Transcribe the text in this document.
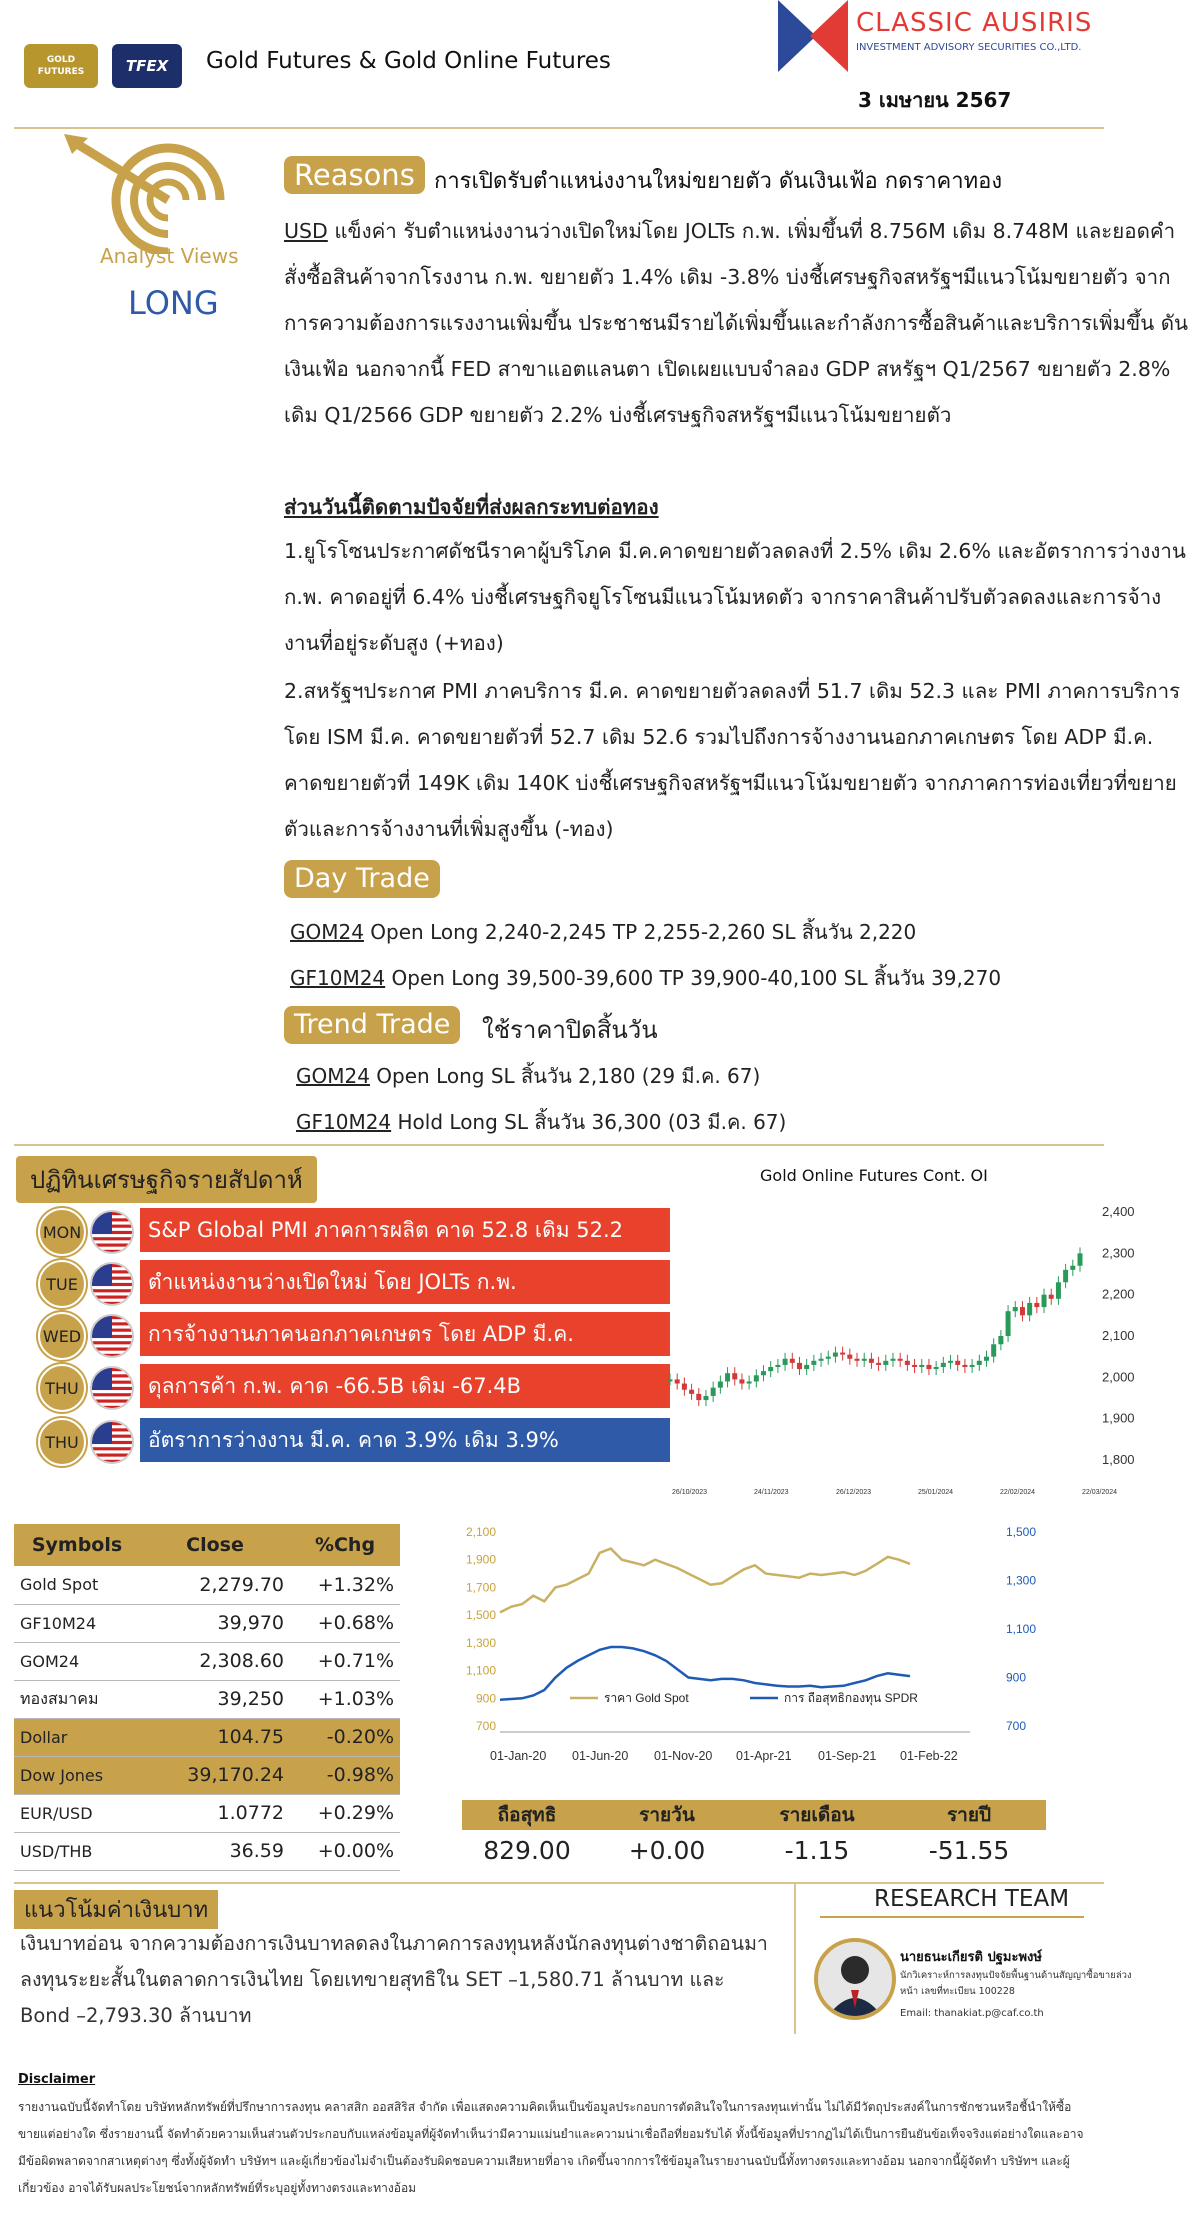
GOLD FUTURES	TFEX Gold Futures & Gold Online Futures
CLASSIC AUSIRIS
INVESTMENT ADVISORY SECURITIES CO.,LTD.
3 เมษายน 2567
Analyst Views
LONG
Reasons การเปิดรับตำแหน่งงานใหม่ขยายตัว ดันเงินเฟ้อ กดราคาทอง
USD แข็งค่า รับตำแหน่งงานว่างเปิดใหม่โดย JOLTs ก.พ. เพิ่มขึ้นที่ 8.756M เดิม 8.748M และยอดคำสั่งซื้อสินค้าจากโรงงาน ก.พ. ขยายตัว 1.4% เดิม -3.8% บ่งชี้เศรษฐกิจสหรัฐฯมีแนวโน้มขยายตัว จากการความต้องการแรงงานเพิ่มขึ้น ประชาชนมีรายได้เพิ่มขึ้นและกำลังการซื้อสินค้าและบริการเพิ่มขึ้น ดันเงินเฟ้อ นอกจากนี้ FED สาขาแอตแลนตา เปิดเผยแบบจำลอง GDP สหรัฐฯ Q1/2567 ขยายตัว 2.8% เดิม Q1/2566 GDP ขยายตัว 2.2% บ่งชี้เศรษฐกิจสหรัฐฯมีแนวโน้มขยายตัว
ส่วนวันนี้ติดตามปัจจัยที่ส่งผลกระทบต่อทอง
1.ยูโรโซนประกาศดัชนีราคาผู้บริโภค มี.ค.คาดขยายตัวลดลงที่ 2.5% เดิม 2.6% และอัตราการว่างงาน ก.พ. คาดอยู่ที่ 6.4% บ่งชี้เศรษฐกิจยูโรโซนมีแนวโน้มหดตัว จากราคาสินค้าปรับตัวลดลงและการจ้างงานที่อยู่ระดับสูง (+ทอง)
2.สหรัฐฯประกาศ PMI ภาคบริการ มี.ค. คาดขยายตัวลดลงที่ 51.7 เดิม 52.3 และ PMI ภาคการบริการ โดย ISM มี.ค. คาดขยายตัวที่ 52.7 เดิม 52.6 รวมไปถึงการจ้างงานนอกภาคเกษตร โดย ADP มี.ค. คาดขยายตัวที่ 149K เดิม 140K บ่งชี้เศรษฐกิจสหรัฐฯมีแนวโน้มขยายตัว จากภาคการท่องเที่ยวที่ขยายตัวและการจ้างงานที่เพิ่มสูงขึ้น (-ทอง)
Day Trade
GOM24 Open Long 2,240-2,245 TP 2,255-2,260 SL สิ้นวัน 2,220
GF10M24 Open Long 39,500-39,600 TP 39,900-40,100 SL สิ้นวัน 39,270
Trend Trade	ใช้ราคาปิดสิ้นวัน
GOM24 Open Long SL สิ้นวัน 2,180 (29 มี.ค. 67)
GF10M24 Hold Long SL สิ้นวัน 36,300 (03 มี.ค. 67)
ปฏิทินเศรษฐกิจรายสัปดาห์
MON	S&P Global PMI ภาคการผลิต คาด 52.8 เดิม 52.2
TUE	ตำแหน่งงานว่างเปิดใหม่ โดย JOLTs ก.พ.
WED	การจ้างงานภาคนอกภาคเกษตร โดย ADP มี.ค.
THU	ดุลการค้า ก.พ. คาด -66.5B เดิม -67.4B
THU	อัตราการว่างงาน มี.ค. คาด 3.9% เดิม 3.9%
Gold Online Futures Cont. OI
2,400
2,300
2,200
2,100
2,000
1,900
1,800
26/10/2023	24/11/2023	26/12/2023	25/01/2024	22/02/2024	22/03/2024
Symbols	Close	%Chg
Gold Spot	2,279.70	+1.32%
GF10M24	39,970	+0.68%
GOM24	2,308.60	+0.71%
ทองสมาคม	39,250	+1.03%
Dollar	104.75	-0.20%
Dow Jones	39,170.24	-0.98%
EUR/USD	1.0772	+0.29%
USD/THB	36.59	+0.00%
2,100
1,900
1,700
1,500
1,300
1,100
900
700
1,500
1,300
1,100
900
700
01-Jan-20 01-Jun-20 01-Nov-20 01-Apr-21 01-Sep-21 01-Feb-22
ราคา Gold Spot	การ ถือสุทธิกองทุน SPDR
ถือสุทธิ	รายวัน	รายเดือน	รายปี
829.00	+0.00	-1.15	-51.55
แนวโน้มค่าเงินบาท
เงินบาทอ่อน จากความต้องการเงินบาทลดลงในภาคการลงทุนหลังนักลงทุนต่างชาติถอนมาลงทุนระยะสั้นในตลาดการเงินไทย โดยเทขายสุทธิใน SET –1,580.71 ล้านบาท และ Bond –2,793.30 ล้านบาท
RESEARCH TEAM
นายธนะเกียรติ ปฐมะพงษ์
นักวิเคราะห์การลงทุนปัจจัยพื้นฐานด้านสัญญาซื้อขายล่วงหน้า เลขที่ทะเบียน 100228
Email: thanakiat.p@caf.co.th
Disclaimer
รายงานฉบับนี้จัดทำโดย บริษัทหลักทรัพย์ที่ปรึกษาการลงทุน คลาสสิก ออสสิริส จำกัด เพื่อแสดงความคิดเห็นเป็นข้อมูลประกอบการตัดสินใจในการลงทุนเท่านั้น ไม่ได้มีวัตถุประสงค์ในการชักชวนหรือชี้นำให้ซื้อขายแต่อย่างใด ซึ่งรายงานนี้ จัดทำด้วยความเห็นส่วนตัวประกอบกับแหล่งข้อมูลที่ผู้จัดทำเห็นว่ามีความแม่นยำและความน่าเชื่อถือที่ยอมรับได้ ทั้งนี้ข้อมูลที่ปรากฏไม่ได้เป็นการยืนยันข้อเท็จจริงแต่อย่างใดและอาจมีข้อผิดพลาดจากสาเหตุต่างๆ ซึ่งทั้งผู้จัดทำ บริษัทฯ และผู้เกี่ยวข้องไม่จำเป็นต้องรับผิดชอบความเสียหายที่อาจ เกิดขึ้นจากการใช้ข้อมูลในรายงานฉบับนี้ทั้งทางตรงและทางอ้อม นอกจากนี้ผู้จัดทำ บริษัทฯ และผู้เกี่ยวข้อง อาจได้รับผลประโยชน์จากหลักทรัพย์ที่ระบุอยู่ทั้งทางตรงและทางอ้อม
